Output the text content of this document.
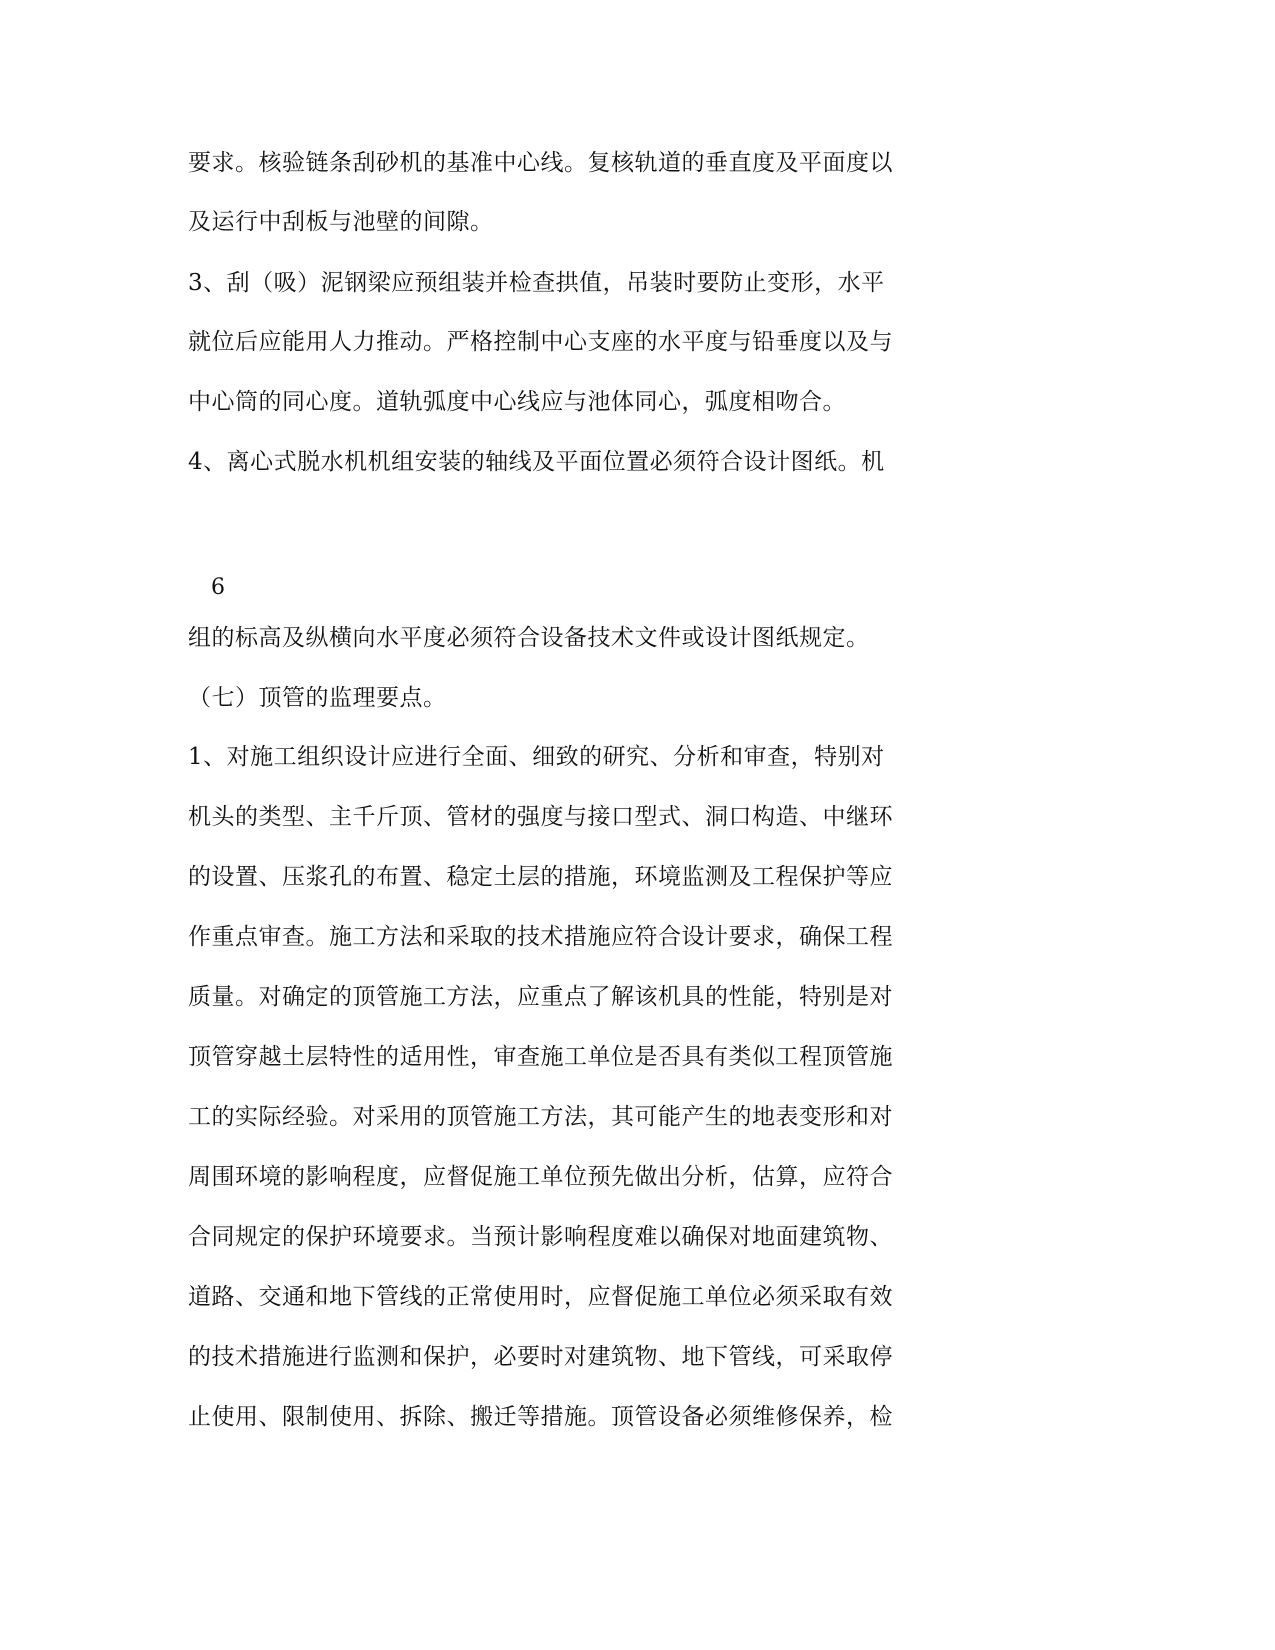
要求。核验链条刮砂机的基准中心线。复核轨道的垂直度及平面度以
及运行中刮板与池壁的间隙。
3、刮（吸）泥钢梁应预组装并检查拱值，吊装时要防止变形，水平
就位后应能用人力推动。严格控制中心支座的水平度与铅垂度以及与
中心筒的同心度。道轨弧度中心线应与池体同心，弧度相吻合。
4、离心式脱水机机组安装的轴线及平面位置必须符合设计图纸。机
6
组的标高及纵横向水平度必须符合设备技术文件或设计图纸规定。
（七）顶管的监理要点。
1、对施工组织设计应进行全面、细致的研究、分析和审查，特别对
机头的类型、主千斤顶、管材的强度与接口型式、洞口构造、中继环
的设置、压浆孔的布置、稳定土层的措施，环境监测及工程保护等应
作重点审查。施工方法和采取的技术措施应符合设计要求，确保工程
质量。对确定的顶管施工方法，应重点了解该机具的性能，特别是对
顶管穿越土层特性的适用性，审查施工单位是否具有类似工程顶管施
工的实际经验。对采用的顶管施工方法，其可能产生的地表变形和对
周围环境的影响程度，应督促施工单位预先做出分析，估算，应符合
合同规定的保护环境要求。当预计影响程度难以确保对地面建筑物、
道路、交通和地下管线的正常使用时，应督促施工单位必须采取有效
的技术措施进行监测和保护，必要时对建筑物、地下管线，可采取停
止使用、限制使用、拆除、搬迁等措施。顶管设备必须维修保养，检
